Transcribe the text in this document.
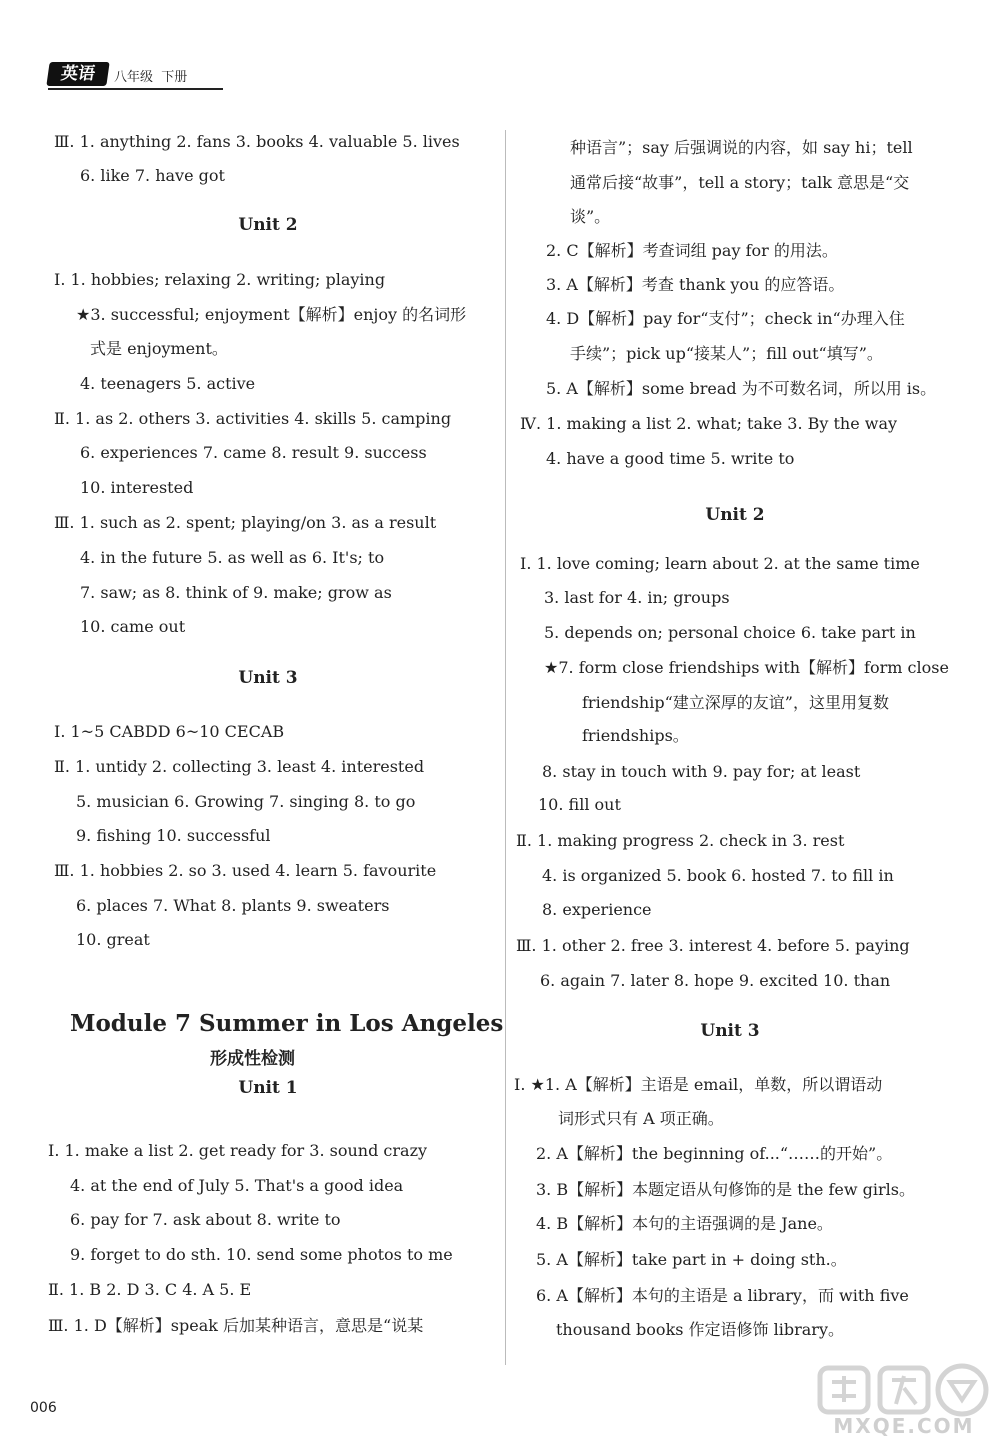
英语	八年级  下册
Ⅲ. 1. anything 2. fans 3. books 4. valuable 5. lives
6. like 7. have got
Unit 2
Ⅰ. 1. hobbies; relaxing 2. writing; playing
★3. successful; enjoyment【解析】enjoy 的名词形
式是 enjoyment。
4. teenagers 5. active
Ⅱ. 1. as 2. others 3. activities 4. skills 5. camping
6. experiences 7. came 8. result 9. success
10. interested
Ⅲ. 1. such as 2. spent; playing/on 3. as a result
4. in the future 5. as well as 6. It's; to
7. saw; as 8. think of 9. make; grow as
10. came out
Unit 3
Ⅰ. 1~5 CABDD 6~10 CECAB
Ⅱ. 1. untidy 2. collecting 3. least 4. interested
5. musician 6. Growing 7. singing 8. to go
9. fishing 10. successful
Ⅲ. 1. hobbies 2. so 3. used 4. learn 5. favourite
6. places 7. What 8. plants 9. sweaters
10. great
Module 7 Summer in Los Angeles
形成性检测
Unit 1
Ⅰ. 1. make a list 2. get ready for 3. sound crazy
4. at the end of July 5. That's a good idea
6. pay for 7. ask about 8. write to
9. forget to do sth. 10. send some photos to me
Ⅱ. 1. B 2. D 3. C 4. A 5. E
Ⅲ. 1. D【解析】speak 后加某种语言，意思是“说某
种语言”；say 后强调说的内容，如 say hi；tell
通常后接“故事”，tell a story；talk 意思是“交
谈”。
2. C【解析】考查词组 pay for 的用法。
3. A【解析】考查 thank you 的应答语。
4. D【解析】pay for“支付”；check in“办理入住
手续”；pick up“接某人”；fill out“填写”。
5. A【解析】some bread 为不可数名词，所以用 is。
Ⅳ. 1. making a list 2. what; take 3. By the way
4. have a good time 5. write to
Unit 2
Ⅰ. 1. love coming; learn about 2. at the same time
3. last for 4. in; groups
5. depends on; personal choice 6. take part in
★7. form close friendships with【解析】form close
friendship“建立深厚的友谊”，这里用复数
friendships。
8. stay in touch with 9. pay for; at least
10. fill out
Ⅱ. 1. making progress 2. check in 3. rest
4. is organized 5. book 6. hosted 7. to fill in
8. experience
Ⅲ. 1. other 2. free 3. interest 4. before 5. paying
6. again 7. later 8. hope 9. excited 10. than
Unit 3
Ⅰ. ★1. A【解析】主语是 email，单数，所以谓语动
词形式只有 A 项正确。
2. A【解析】the beginning of...“……的开始”。
3. B【解析】本题定语从句修饰的是 the few girls。
4. B【解析】本句的主语强调的是 Jane。
5. A【解析】take part in + doing sth.。
6. A【解析】本句的主语是 a library，而 with five
thousand books 作定语修饰 library。
006
MXQE.COM
